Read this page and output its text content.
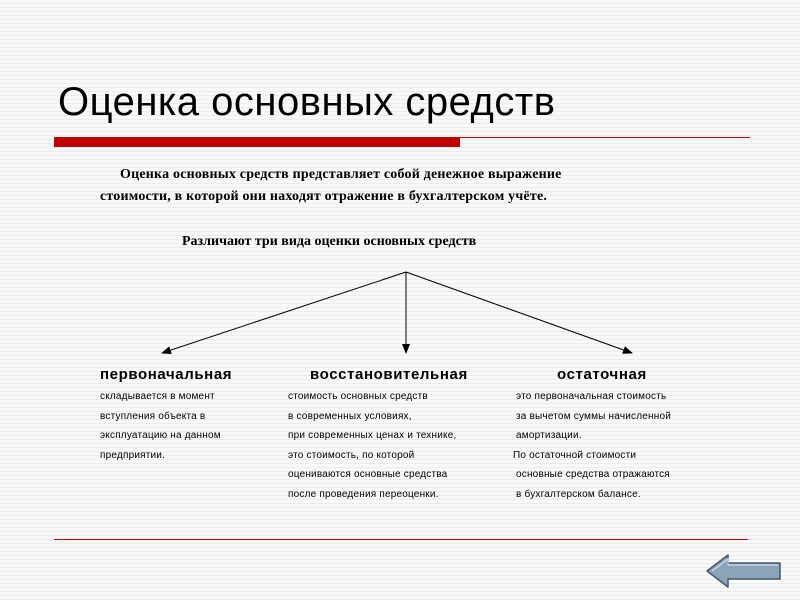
Оценка основных средств
Оценка основных средств представляет собой денежное выражение
стоимости, в которой они находят отражение в бухгалтерском учёте.
Различают три вида оценки основных средств
первоначальная
складывается в момент
вступления объекта в
эксплуатацию на данном
предприятии.
восстановительная
стоимость основных средств
в современных условиях,
при современных ценах и технике,
это стоимость, по которой
оцениваются основные средства
после проведения переоценки.
остаточная
это первоначальная стоимость
за вычетом суммы начисленной
амортизации.
По остаточной стоимости
основные средства отражаются
в бухгалтерском балансе.
